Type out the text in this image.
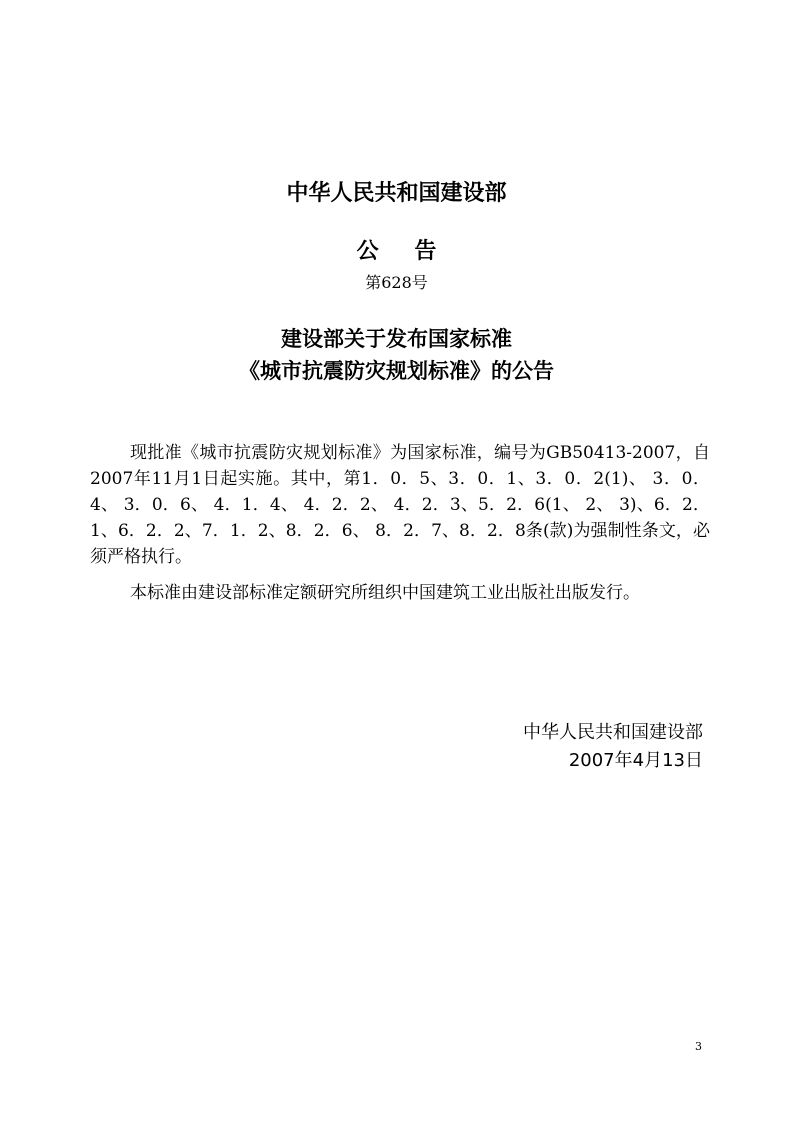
中华人民共和国建设部
公 告
第628号
建设部关于发布国家标准
《城市抗震防灾规划标准》的公告

现批准《城市抗震防灾规划标准》为国家标准，编号为GB50413-2007，自2007年11月1日起实施。其中，第1．0．5、3．0．1、3．0．2(1)、 3．0．4、 3．0．6、 4．1．4、 4．2．2、 4．2．3、5．2．6(1、 2、 3)、6．2．1、6．2．2、7．1．2、8．2．6、 8．2．7、8．2．8条(款)为强制性条文，必须严格执行。

本标准由建设部标准定额研究所组织中国建筑工业出版社出版发行。

中华人民共和国建设部
2007年4月13日
3
